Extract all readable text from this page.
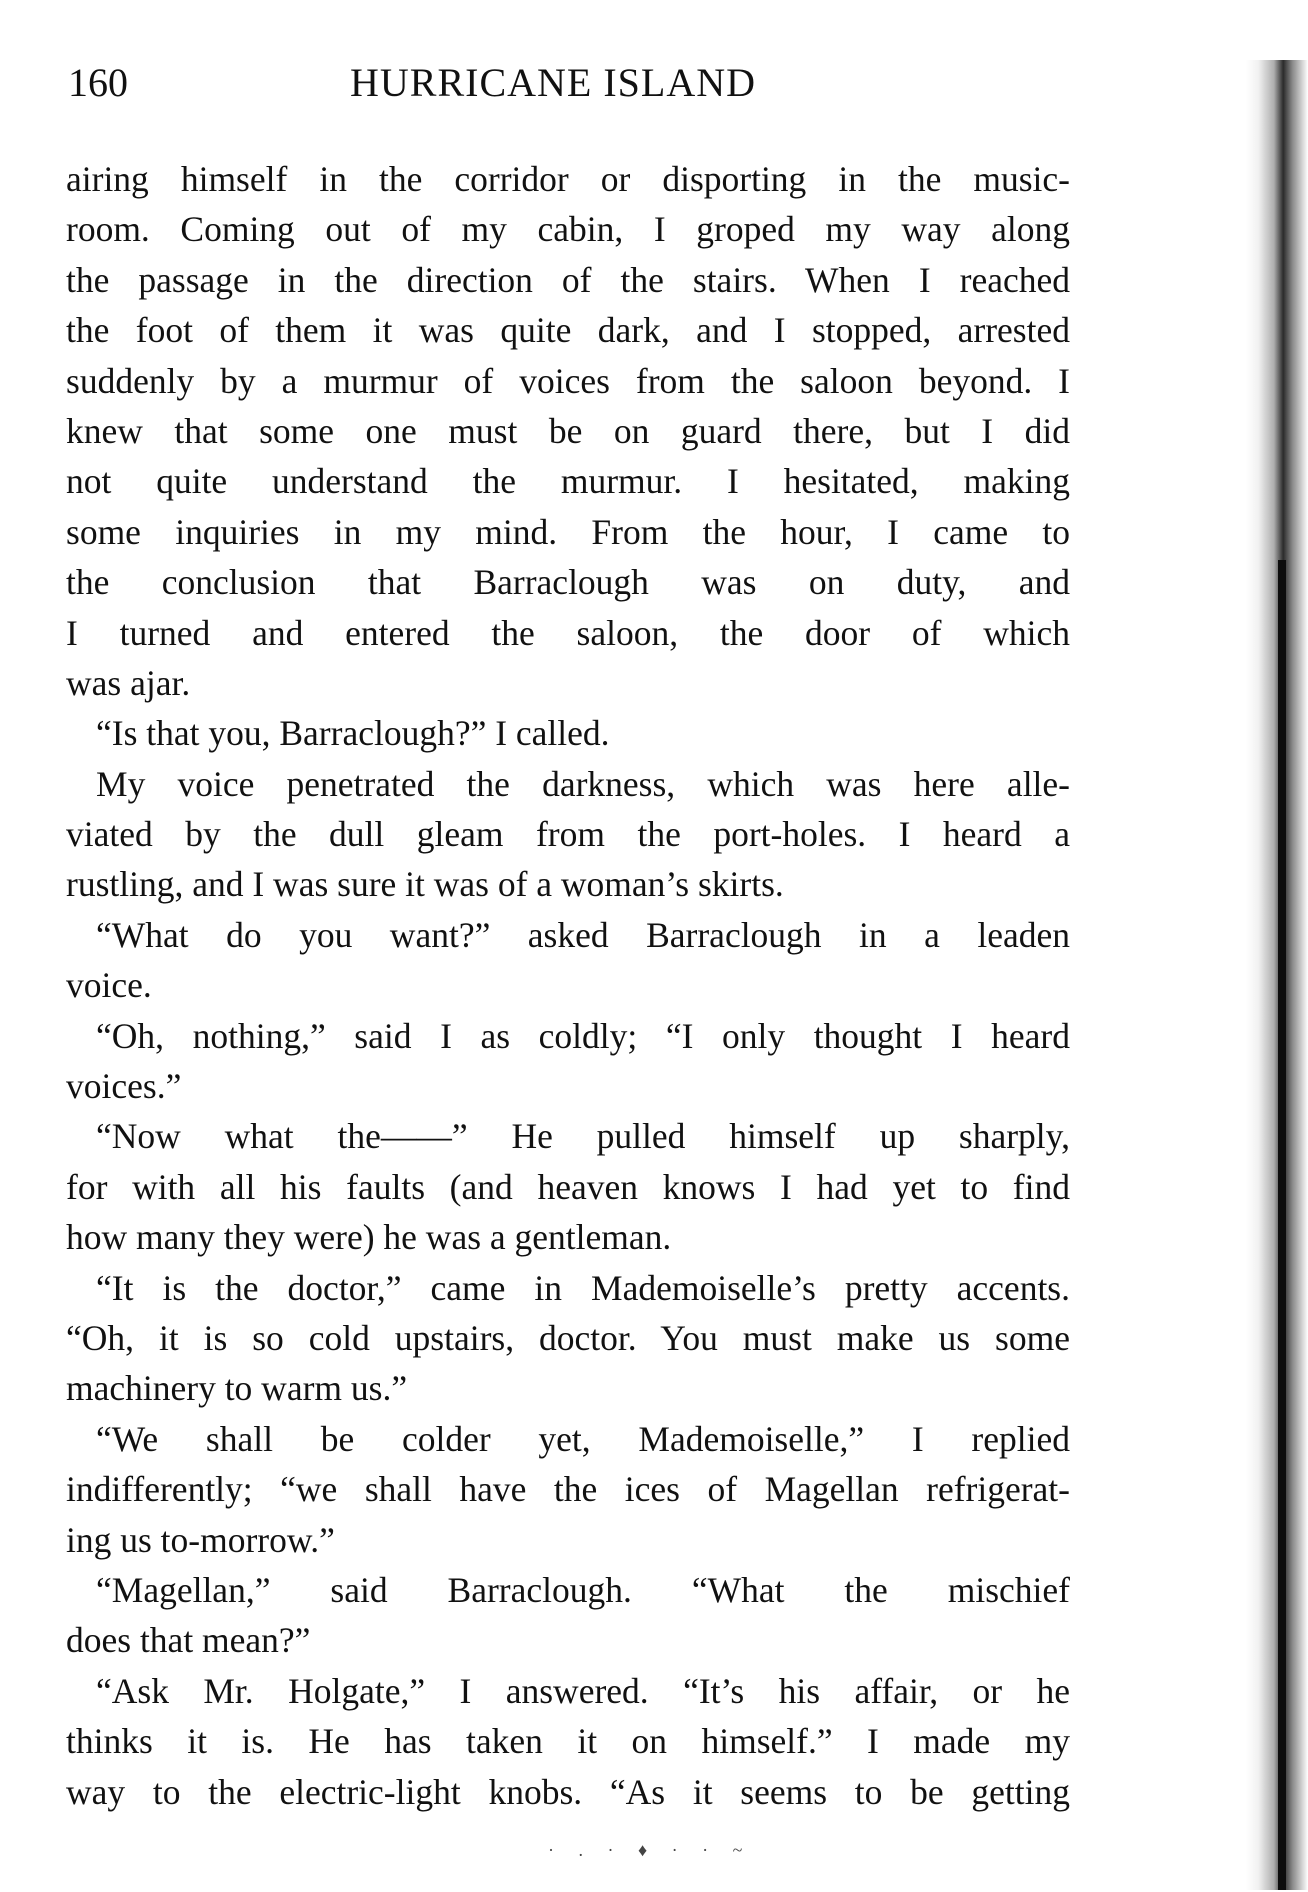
160	HURRICANE ISLAND
airing himself in the corridor or disporting in the music-
room. Coming out of my cabin, I groped my way along
the passage in the direction of the stairs. When I reached
the foot of them it was quite dark, and I stopped, arrested
suddenly by a murmur of voices from the saloon beyond. I
knew that some one must be on guard there, but I did
not quite understand the murmur. I hesitated, making
some inquiries in my mind. From the hour, I came to
the conclusion that Barraclough was on duty, and
I turned and entered the saloon, the door of which
was ajar.
“Is that you, Barraclough?” I called.
My voice penetrated the darkness, which was here alle-
viated by the dull gleam from the port-holes. I heard a
rustling, and I was sure it was of a woman’s skirts.
“What do you want?” asked Barraclough in a leaden
voice.
“Oh, nothing,” said I as coldly; “I only thought I heard
voices.”
“Now what the——” He pulled himself up sharply,
for with all his faults (and heaven knows I had yet to find
how many they were) he was a gentleman.
“It is the doctor,” came in Mademoiselle’s pretty accents.
“Oh, it is so cold upstairs, doctor. You must make us some
machinery to warm us.”
“We shall be colder yet, Mademoiselle,” I replied
indifferently; “we shall have the ices of Magellan refrigerat-
ing us to-morrow.”
“Magellan,” said Barraclough. “What the mischief
does that mean?”
“Ask Mr. Holgate,” I answered. “It’s his affair, or he
thinks it is. He has taken it on himself.” I made my
way to the electric-light knobs. “As it seems to be getting
· . · ♦ · · ~
